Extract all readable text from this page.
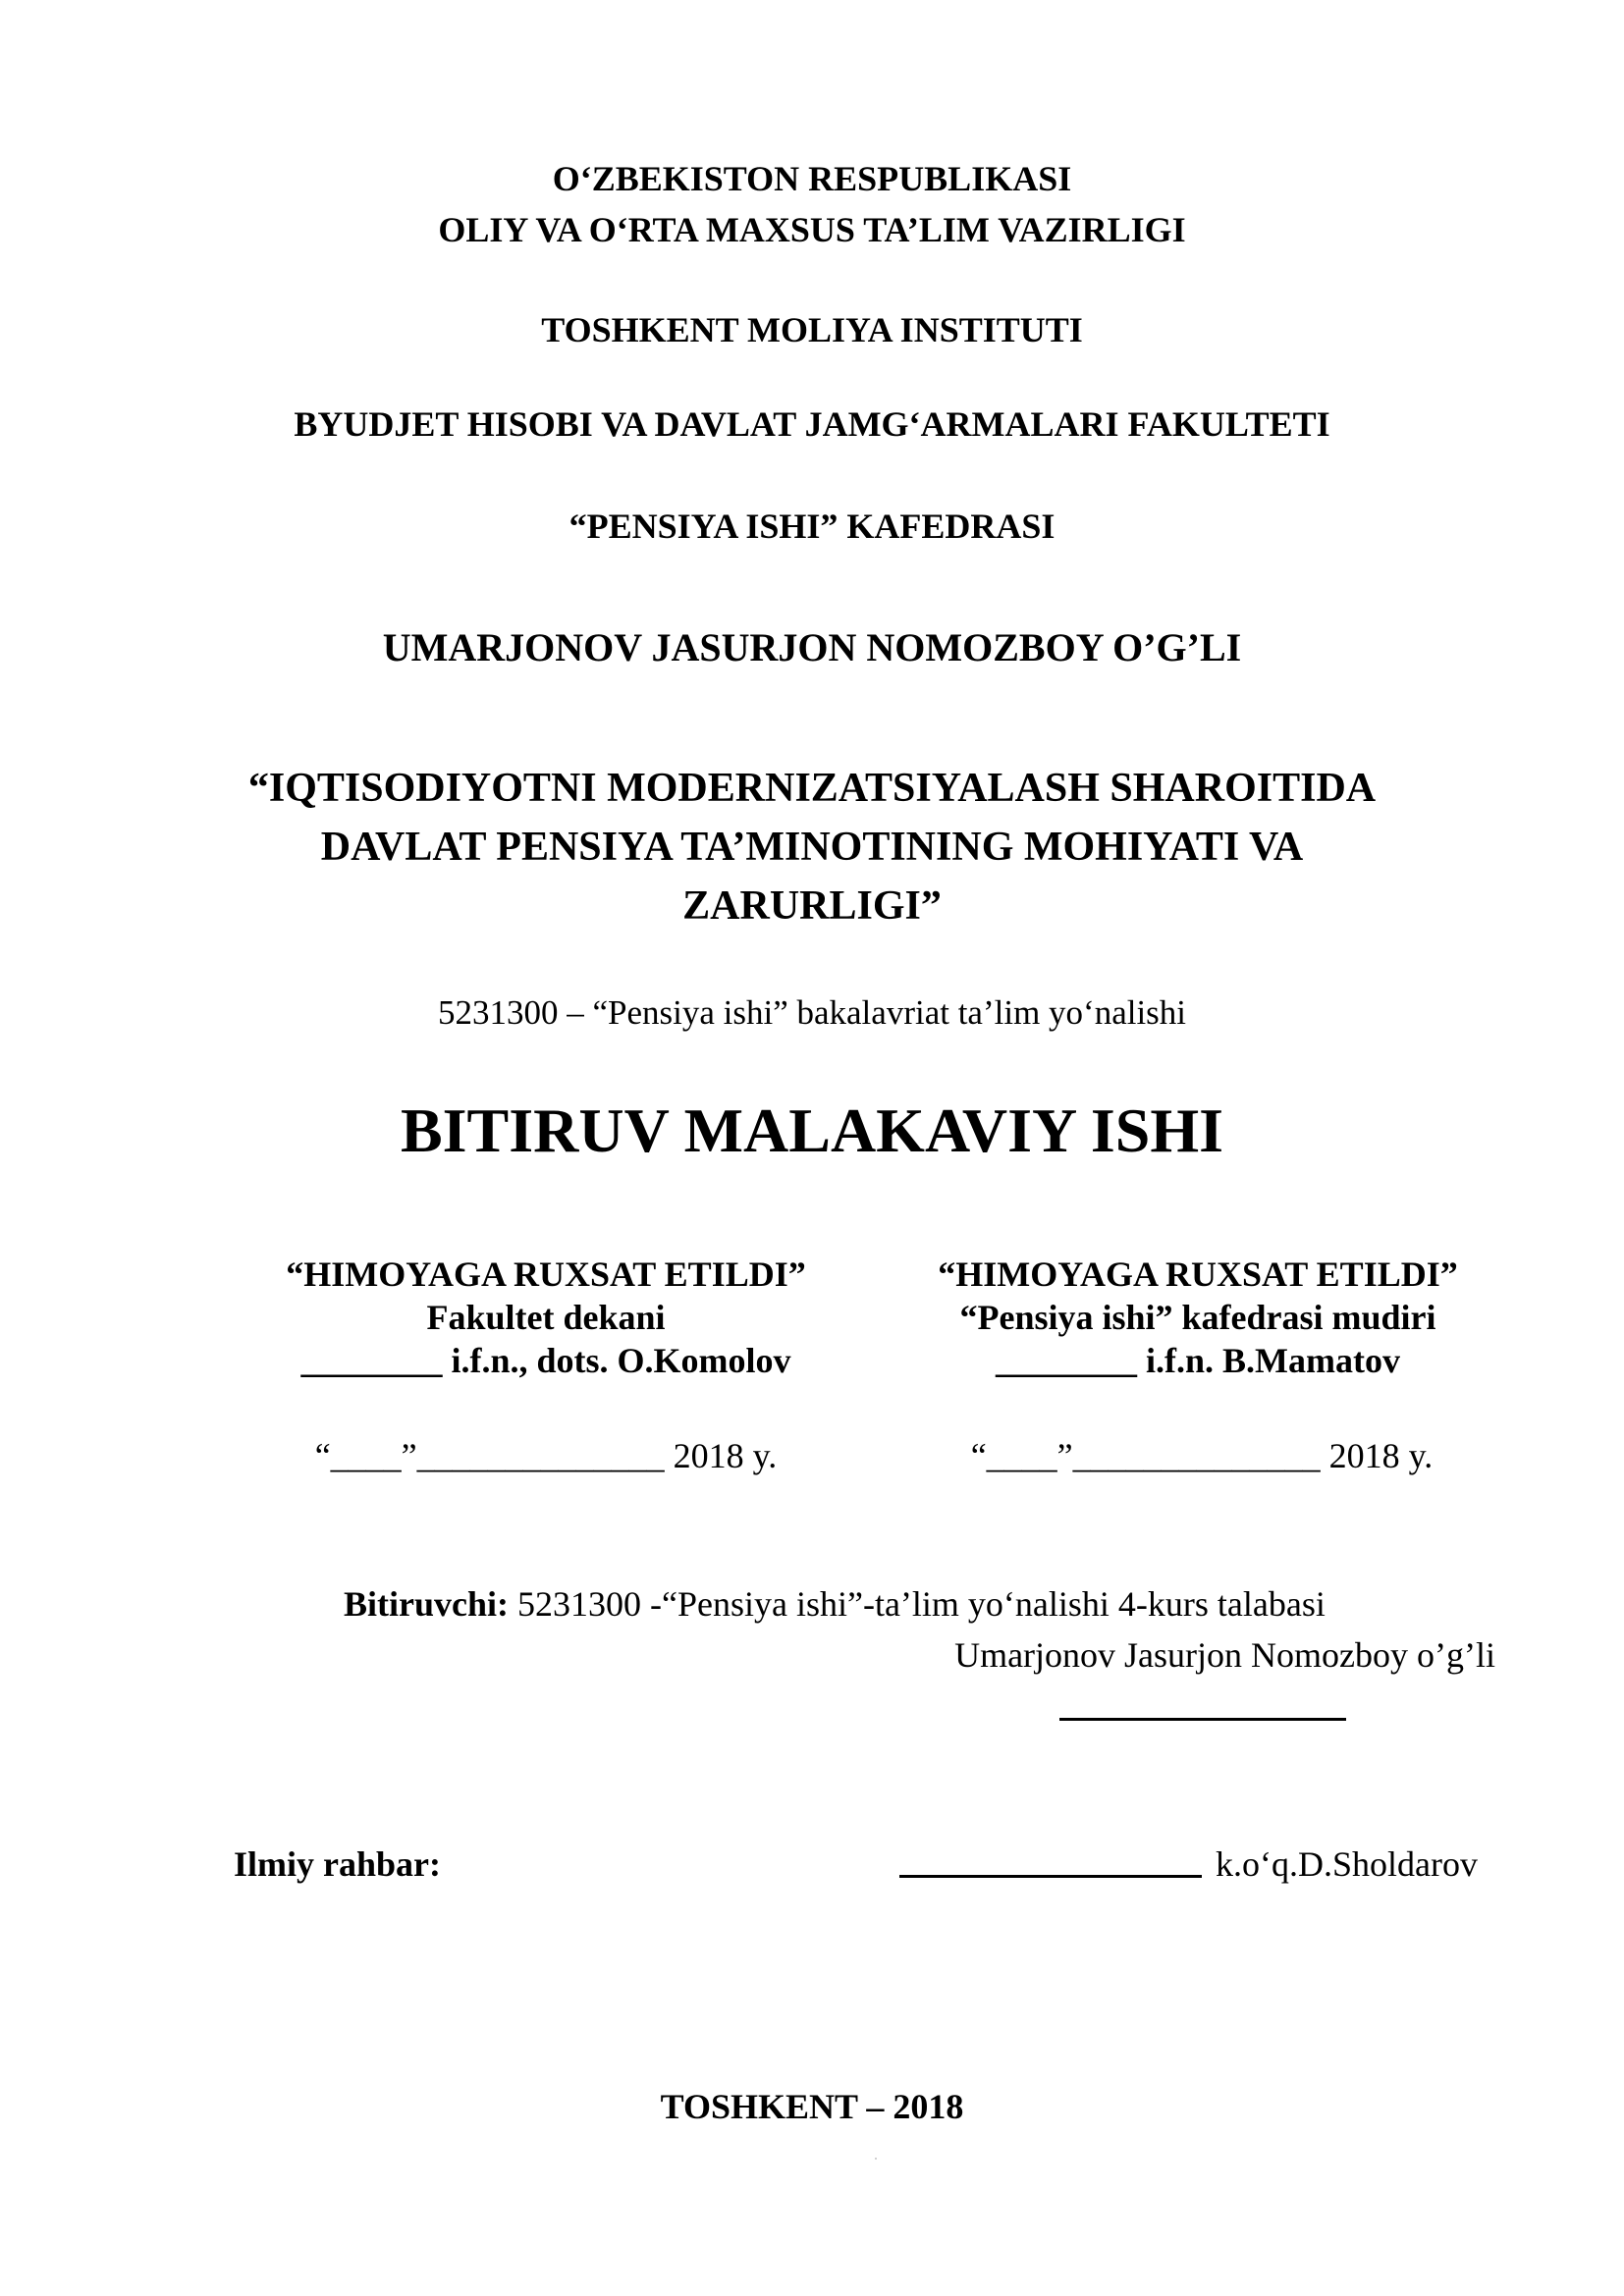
O‘ZBEKISTON RESPUBLIKASI
OLIY VA O‘RTA MAXSUS TA’LIM VAZIRLIGI
TOSHKENT MOLIYA INSTITUTI
BYUDJET HISOBI VA DAVLAT JAMG‘ARMALARI FAKULTETI
“PENSIYA ISHI” KAFEDRASI
UMARJONOV JASURJON NOMOZBOY O’G’LI
“IQTISODIYOTNI MODERNIZATSIYALASH SHAROITIDA
DAVLAT PENSIYA TA’MINOTINING MOHIYATI VA
ZARURLIGI”
5231300 – “Pensiya ishi” bakalavriat ta’lim yo‘nalishi
BITIRUV MALAKAVIY ISHI
“HIMOYAGA RUXSAT ETILDI”
Fakultet dekani
________ i.f.n., dots. O.Komolov
“____”______________ 2018 y.
“HIMOYAGA RUXSAT ETILDI”
“Pensiya ishi” kafedrasi mudiri
________ i.f.n. B.Mamatov
“____”______________ 2018 y.
Bitiruvchi: 5231300 -“Pensiya ishi”-ta’lim yo‘nalishi 4-kurs talabasi
Umarjonov Jasurjon Nomozboy o’g’li
Ilmiy rahbar:	k.o‘q.D.Sholdarov
TOSHKENT – 2018
